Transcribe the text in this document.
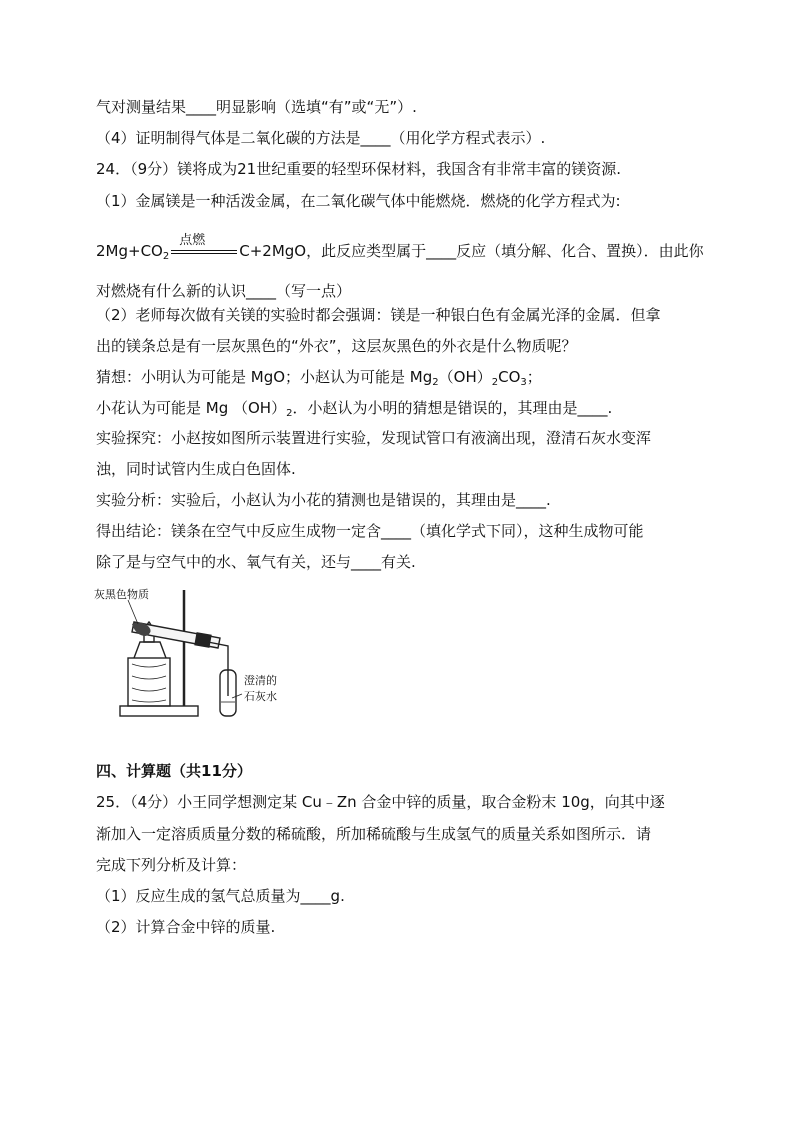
气对测量结果____明显影响（选填“有”或“无”）.
（4）证明制得气体是二氧化碳的方法是____（用化学方程式表示）.
24．（9分）镁将成为21世纪重要的轻型环保材料，我国含有非常丰富的镁资源.
（1）金属镁是一种活泼金属，在二氧化碳气体中能燃烧．燃烧的化学方程式为:
$2Mg+CO_2$
点燃
C+2MgO，此反应类型属于____反应（填分解、化合、置换）．由此你
对燃烧有什么新的认识____（写一点）
（2）老师每次做有关镁的实验时都会强调：镁是一种银白色有金属光泽的金属．但拿
出的镁条总是有一层灰黑色的“外衣”，这层灰黑色的外衣是什么物质呢？
猜想：小明认为可能是 MgO；小赵认为可能是 $Mg_2(OH)_2CO_3$；
小花认为可能是 Mg $(OH)_2$．小赵认为小明的猜想是错误的，其理由是____.
实验探究：小赵按如图所示装置进行实验，发现试管口有液滴出现，澄清石灰水变浑
浊，同时试管内生成白色固体.
实验分析：实验后，小赵认为小花的猜测也是错误的，其理由是____.
得出结论：镁条在空气中反应生成物一定含____（填化学式下同），这种生成物可能
除了是与空气中的水、氧气有关，还与____有关.
灰黑色物质
澄清的
石灰水
四、计算题（共11分）
25．（4分）小王同学想测定某 Cu﹣Zn 合金中锌的质量，取合金粉末 10g，向其中逐
渐加入一定溶质质量分数的稀硫酸，所加稀硫酸与生成氢气的质量关系如图所示．请
完成下列分析及计算：
（1）反应生成的氢气总质量为____g.
（2）计算合金中锌的质量.
